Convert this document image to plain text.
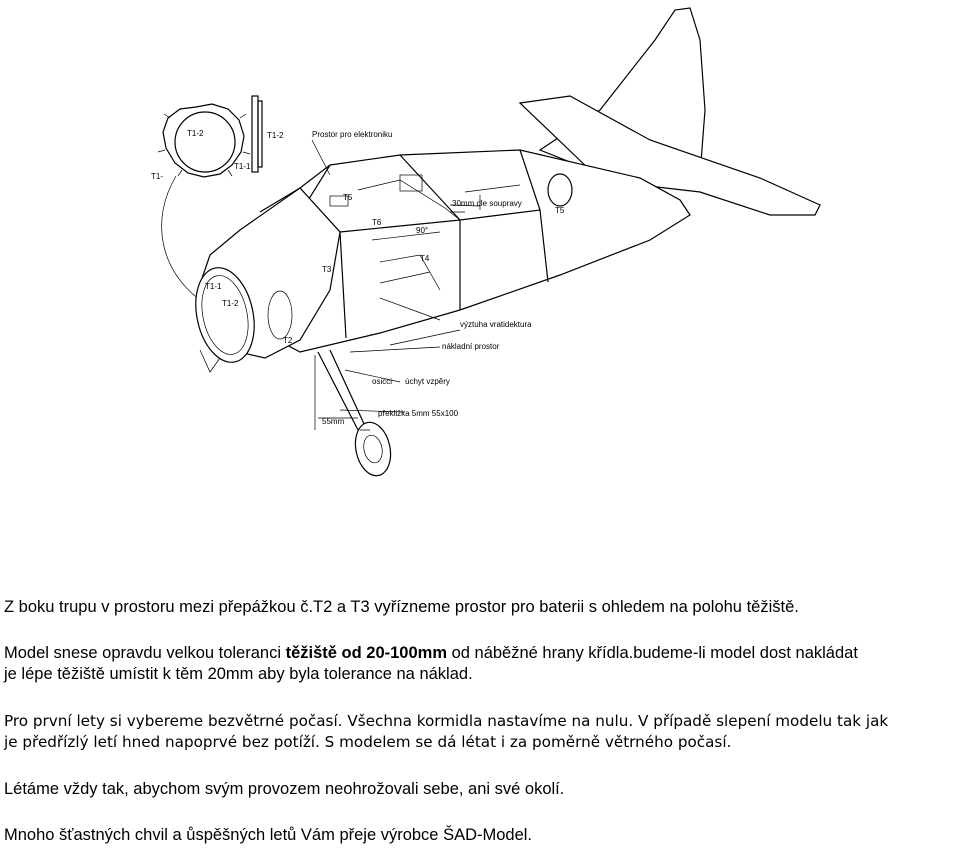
T1-2
T1-1
T1-
T1-2	Prostor pro elektroniku
30mm dle soupravy
T5
T6
T5
90°
T4
T3
T1-1
T1-2
T2
výztuha vratidektura
nákladní prostor
osicci úchyt vzpěry
překližka 5mm 55x100
55mm
Z boku trupu v prostoru mezi přepážkou č.T2 a T3 vyřízneme prostor pro baterii s ohledem na polohu těžiště.
Model snese opravdu velkou toleranci těžiště od 20-100mm od náběžné hrany křídla.budeme-li model dost nakládat
je lépe těžiště umístit k těm 20mm aby byla tolerance na náklad.
Pro první lety si vybereme bezvětrné počasí. Všechna kormidla nastavíme na nulu. V případě slepení modelu tak jak
je předřízlý letí hned napoprvé bez potíží. S modelem se dá létat i za poměrně větrného počasí.
Létáme vždy tak, abychom svým provozem neohrožovali sebe, ani své okolí.
Mnoho šťastných chvil a ůspěšných letů Vám přeje výrobce ŠAD-Model.
